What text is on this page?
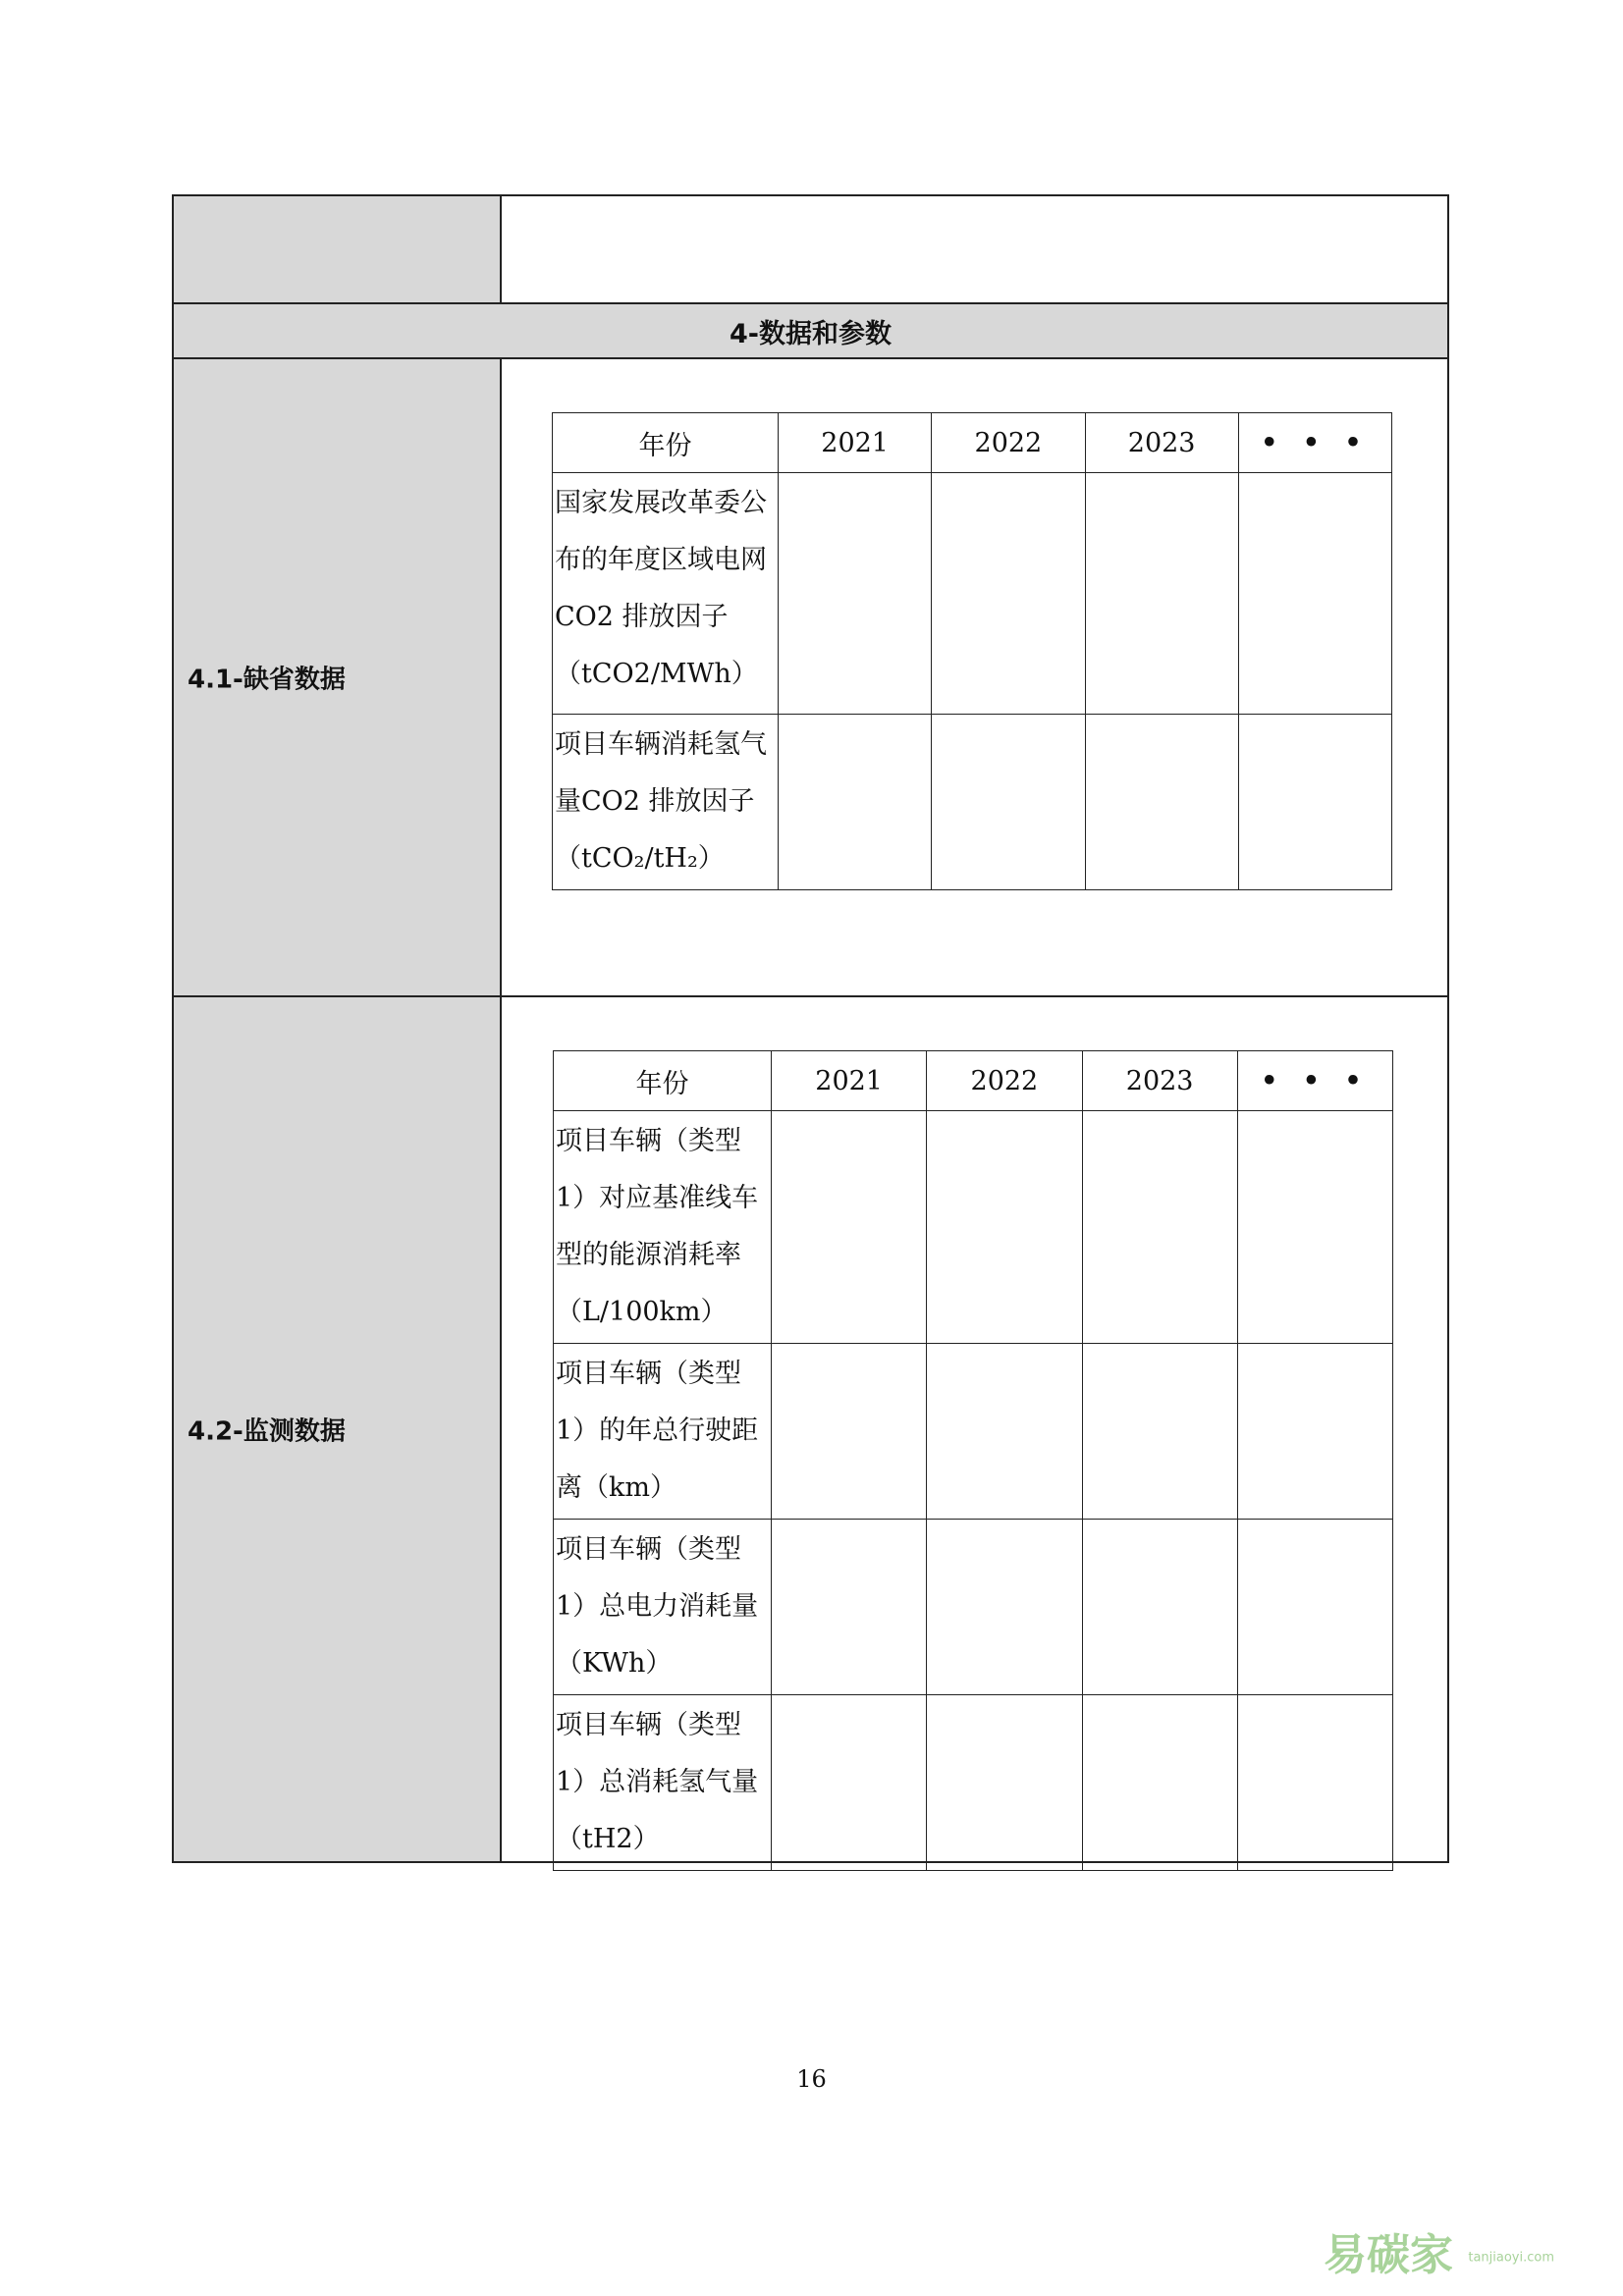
4-数据和参数
4.1-缺省数据
年份	2021	2022	2023	• • •
国家发展改革委公布的年度区域电网 CO2 排放因子（tCO2/MWh）				
项目车辆消耗氢气量CO2 排放因子（tCO₂/tH₂）				
4.2-监测数据
年份	2021	2022	2023	• • •
项目车辆（类型1）对应基准线车型的能源消耗率（L/100km）				
项目车辆（类型1）的年总行驶距离（km）				
项目车辆（类型1）总电力消耗量（KWh）				
项目车辆（类型1）总消耗氢气量（tH2）				
16
易碳家 tanjiaoyi.com
